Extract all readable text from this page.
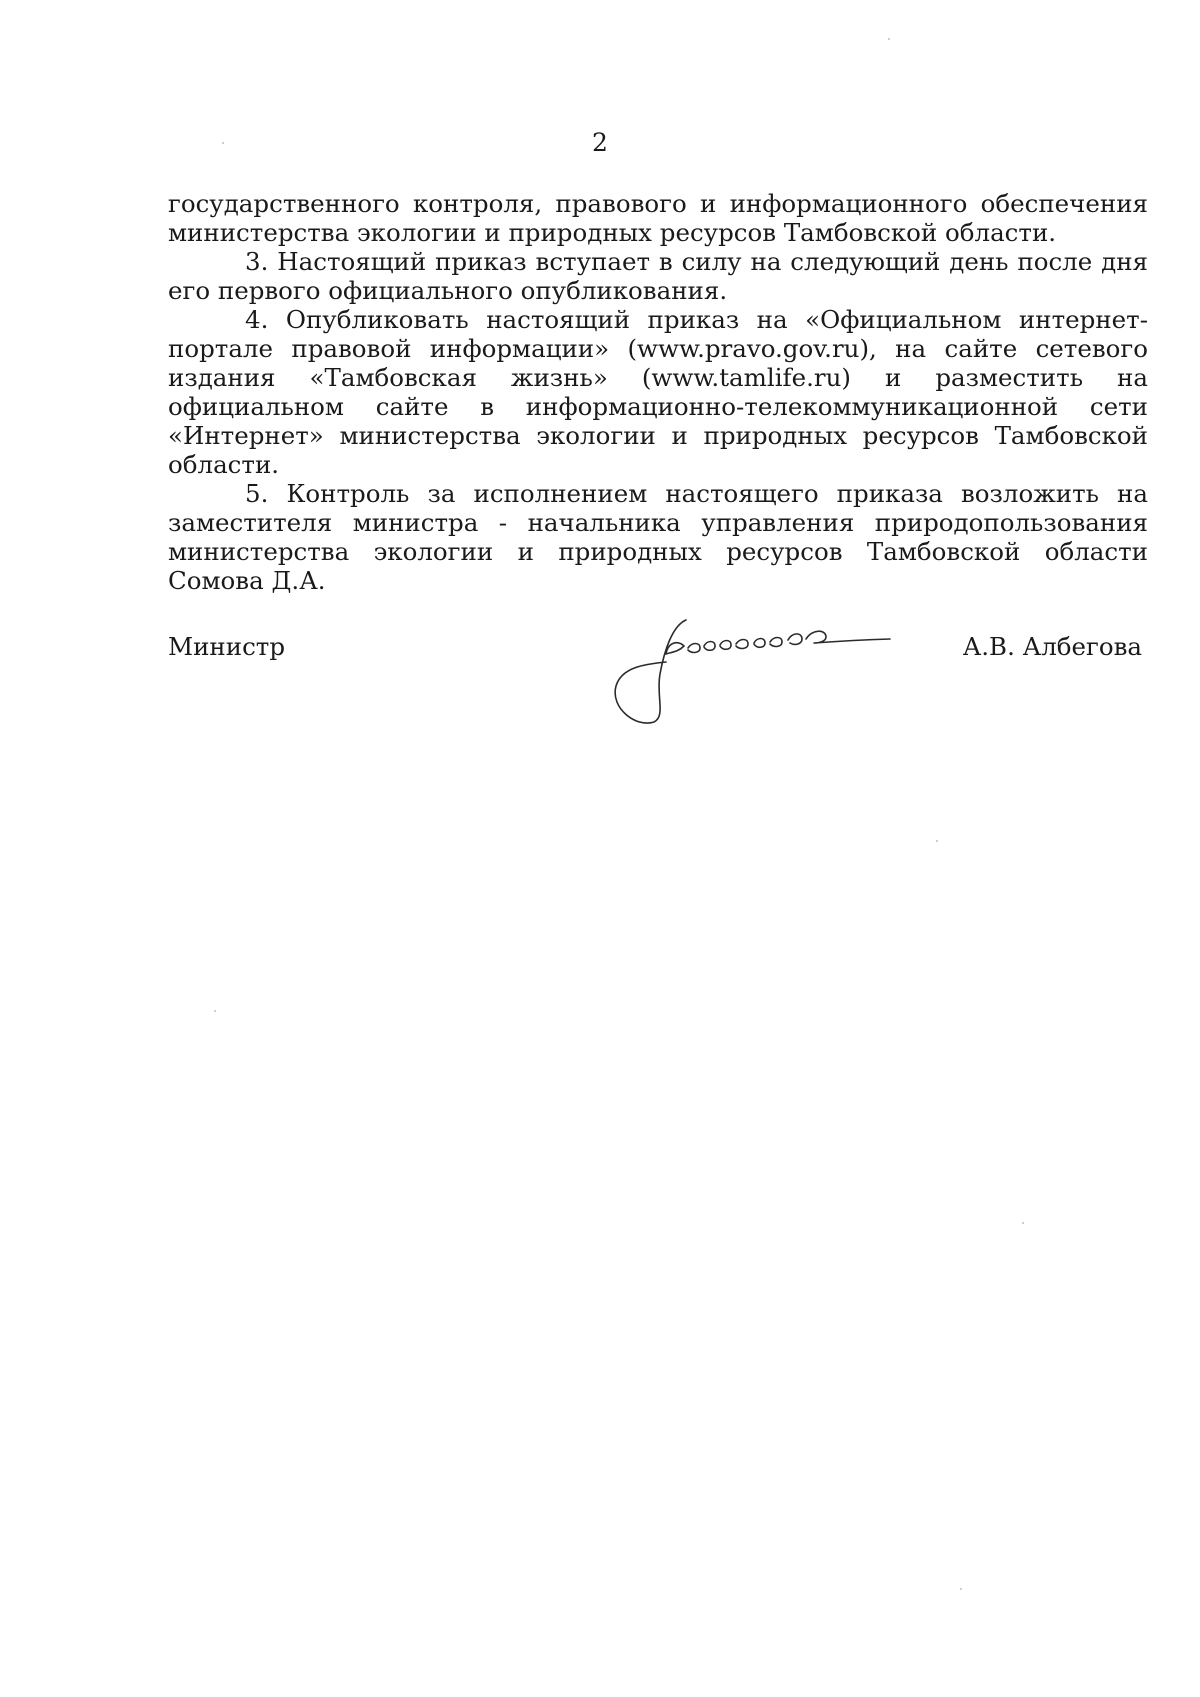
2

государственного контроля, правового и информационного обеспечения министерства экологии и природных ресурсов Тамбовской области.

3. Настоящий приказ вступает в силу на следующий день после дня его первого официального опубликования.

4. Опубликовать настоящий приказ на «Официальном интернет-портале правовой информации» (www.pravo.gov.ru), на сайте сетевого издания «Тамбовская жизнь» (www.tamlife.ru) и разместить на официальном сайте в информационно-телекоммуникационной сети «Интернет» министерства экологии и природных ресурсов Тамбовской области.

5. Контроль за исполнением настоящего приказа возложить на заместителя министра - начальника управления природопользования министерства экологии и природных ресурсов Тамбовской области Сомова Д.А.

Министр	А.В. Албегова
